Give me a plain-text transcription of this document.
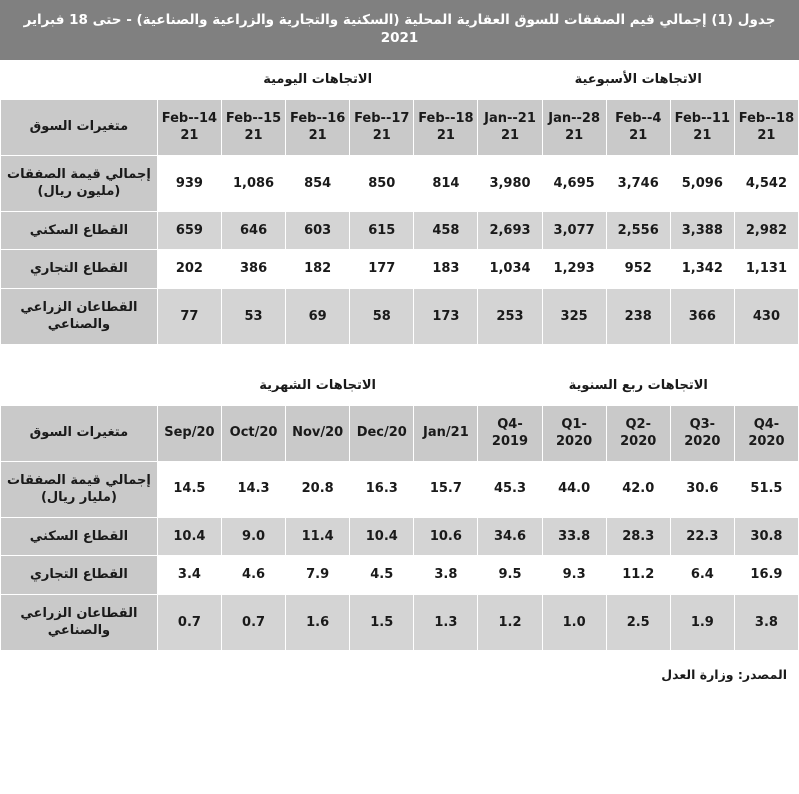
جدول (1) إجمالي قيم الصفقات للسوق العقارية المحلية (السكنية والتجارية والزراعية والصناعية) - حتى 18 فبراير 2021
الاتجاهات الأسبوعية					الاتجاهات اليومية					
18-Feb-21	11-Feb-21	4-Feb-21	28-Jan-21	21-Jan-21	18-Feb-21	17-Feb-21	16-Feb-21	15-Feb-21	14-Feb-21	متغيرات السوق
4,542	5,096	3,746	4,695	3,980	814	850	854	1,086	939	إجمالي قيمة الصفقات (مليون ريال)
2,982	3,388	2,556	3,077	2,693	458	615	603	646	659	القطاع السكني
1,131	1,342	952	1,293	1,034	183	177	182	386	202	القطاع التجاري
430	366	238	325	253	173	58	69	53	77	القطاعان الزراعي والصناعي

الاتجاهات ربع السنوية					الاتجاهات الشهرية					
Q4- 2020	Q3- 2020	Q2- 2020	Q1- 2020	Q4- 2019	Jan/21	Dec/20	Nov/20	Oct/20	Sep/20	متغيرات السوق
51.5	30.6	42.0	44.0	45.3	15.7	16.3	20.8	14.3	14.5	إجمالي قيمة الصفقات (مليار ريال)
30.8	22.3	28.3	33.8	34.6	10.6	10.4	11.4	9.0	10.4	القطاع السكني
16.9	6.4	11.2	9.3	9.5	3.8	4.5	7.9	4.6	3.4	القطاع التجاري
3.8	1.9	2.5	1.0	1.2	1.3	1.5	1.6	0.7	0.7	القطاعان الزراعي والصناعي
المصدر: وزارة العدل
